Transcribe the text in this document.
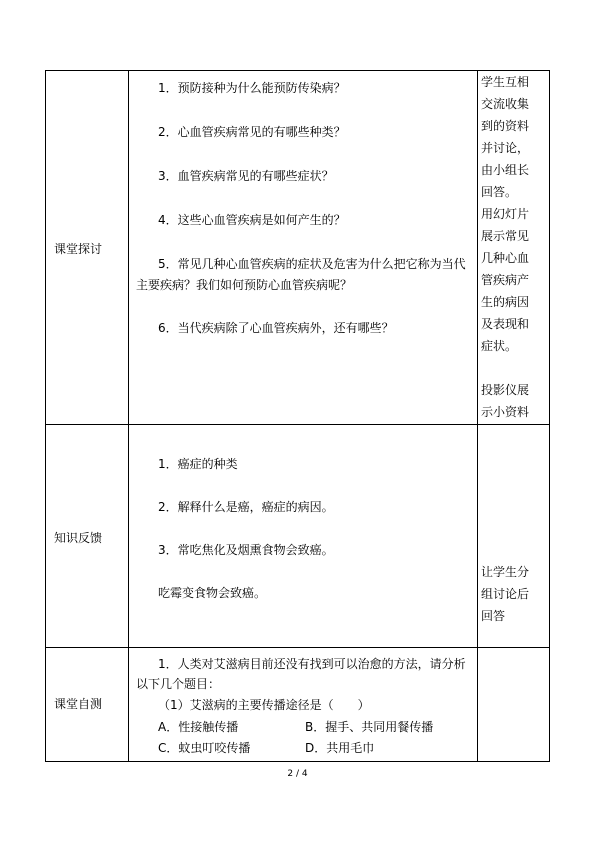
课堂探讨
1．预防接种为什么能预防传染病？
2．心血管疾病常见的有哪些种类？
3．血管疾病常见的有哪些症状？
4．这些心血管疾病是如何产生的？
5．常见几种心血管疾病的症状及危害为什么把它称为当代
主要疾病？我们如何预防心血管疾病呢？
6．当代疾病除了心血管疾病外，还有哪些？
学生互相
交流收集
到的资料
并讨论，
由小组长
回答。
用幻灯片
展示常见
几种心血
管疾病产
生的病因
及表现和
症状。
投影仪展
示小资料
知识反馈
1．癌症的种类
2．解释什么是癌，癌症的病因。
3．常吃焦化及烟熏食物会致癌。
吃霉变食物会致癌。
让学生分
组讨论后
回答
课堂自测
1．人类对艾滋病目前还没有找到可以治愈的方法，请分析
以下几个题目：
（1）艾滋病的主要传播途径是（　　）
A．性接触传播	B．握手、共同用餐传播
C．蚊虫叮咬传播	D．共用毛巾
2 / 4
